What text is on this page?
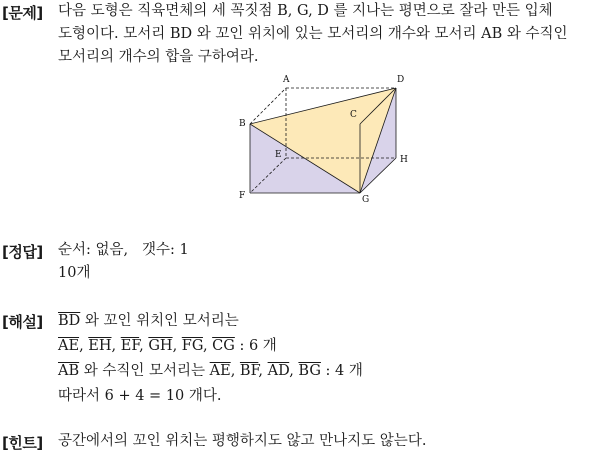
[문제] 다음 도형은 직육면체의 세 꼭짓점 B, G, D 를 지나는 평면으로 잘라 만든 입체
도형이다. 모서리 BD 와 꼬인 위치에 있는 모서리의 개수와 모서리 AB 와 수직인
모서리의 개수의 합을 구하여라.
A	D
B
C
E	H
F	G
[정답] 순서: 없음,   갯수: 1
10개
[해설] $\overline{BD}$ 와 꼬인 위치인 모서리는
$\overline{AE}$, $\overline{EH}$, $\overline{EF}$, $\overline{GH}$, $\overline{FG}$, $\overline{CG}$ : 6 개
$\overline{AB}$ 와 수직인 모서리는 $\overline{AE}$, $\overline{BF}$, $\overline{AD}$, $\overline{BG}$ : 4 개
따라서 6 + 4 = 10 개다.
[힌트] 공간에서의 꼬인 위치는 평행하지도 않고 만나지도 않는다.
